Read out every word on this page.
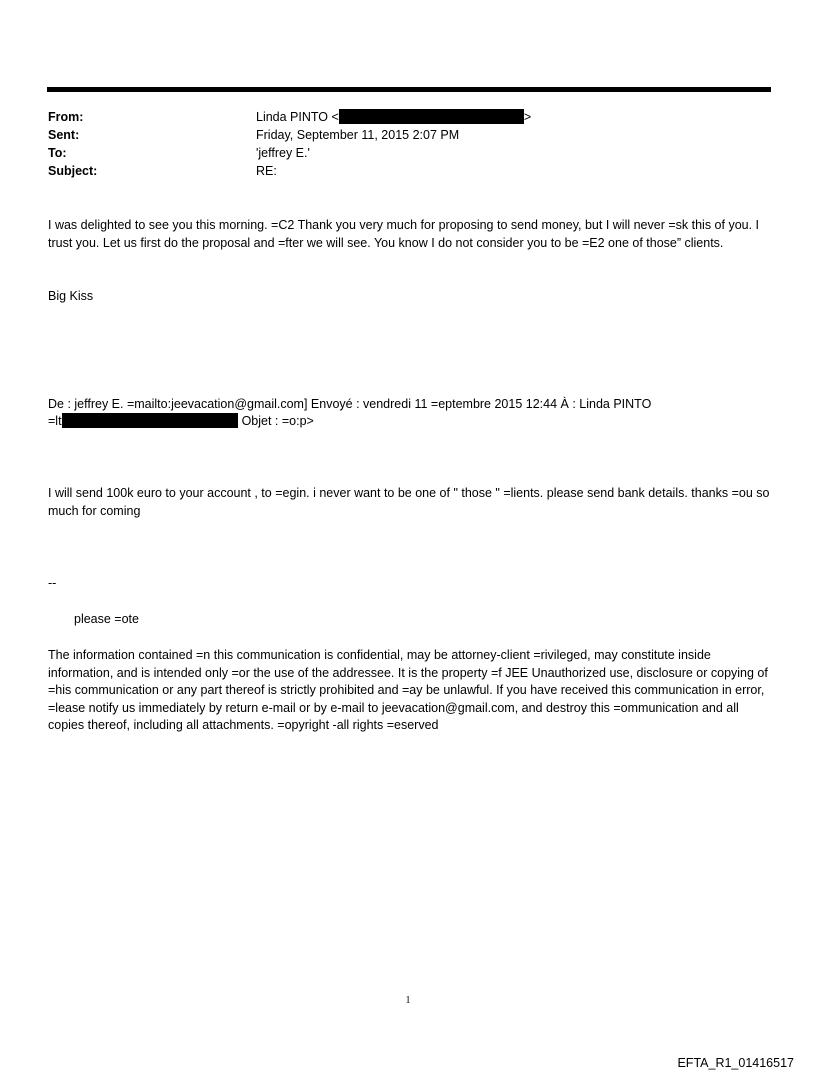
From:	Linda PINTO <	>
Sent:	Friday, September 11, 2015 2:07 PM
To:	'jeffrey E.'
Subject:	RE:

I was delighted to see you this morning. =C2 Thank you very much for proposing to send money, but I will never =sk this of you. I trust you. Let us first do the proposal and =fter we will see. You know I do not consider you to be =E2 one of those” clients.

Big Kiss

De : jeffrey E. =mailto:jeevacation@gmail.com] Envoyé : vendredi 11 =eptembre 2015 12:44 À : Linda PINTO

=lt	Objet : =o:p>

I will send 100k euro to your account , to =egin. i never want to be one of " those " =lients. please send bank details. thanks =ou so much for coming

--

please =ote

The information contained =n this communication is confidential, may be attorney-client =rivileged, may constitute inside information, and is intended only =or the use of the addressee. It is the property =f JEE Unauthorized use, disclosure or copying of =his communication or any part thereof is strictly prohibited and =ay be unlawful. If you have received this communication in error, =lease notify us immediately by return e-mail or by e-mail to jeevacation@gmail.com, and destroy this =ommunication and all copies thereof, including all attachments. =opyright -all rights =eserved

1
EFTA_R1_01416517
